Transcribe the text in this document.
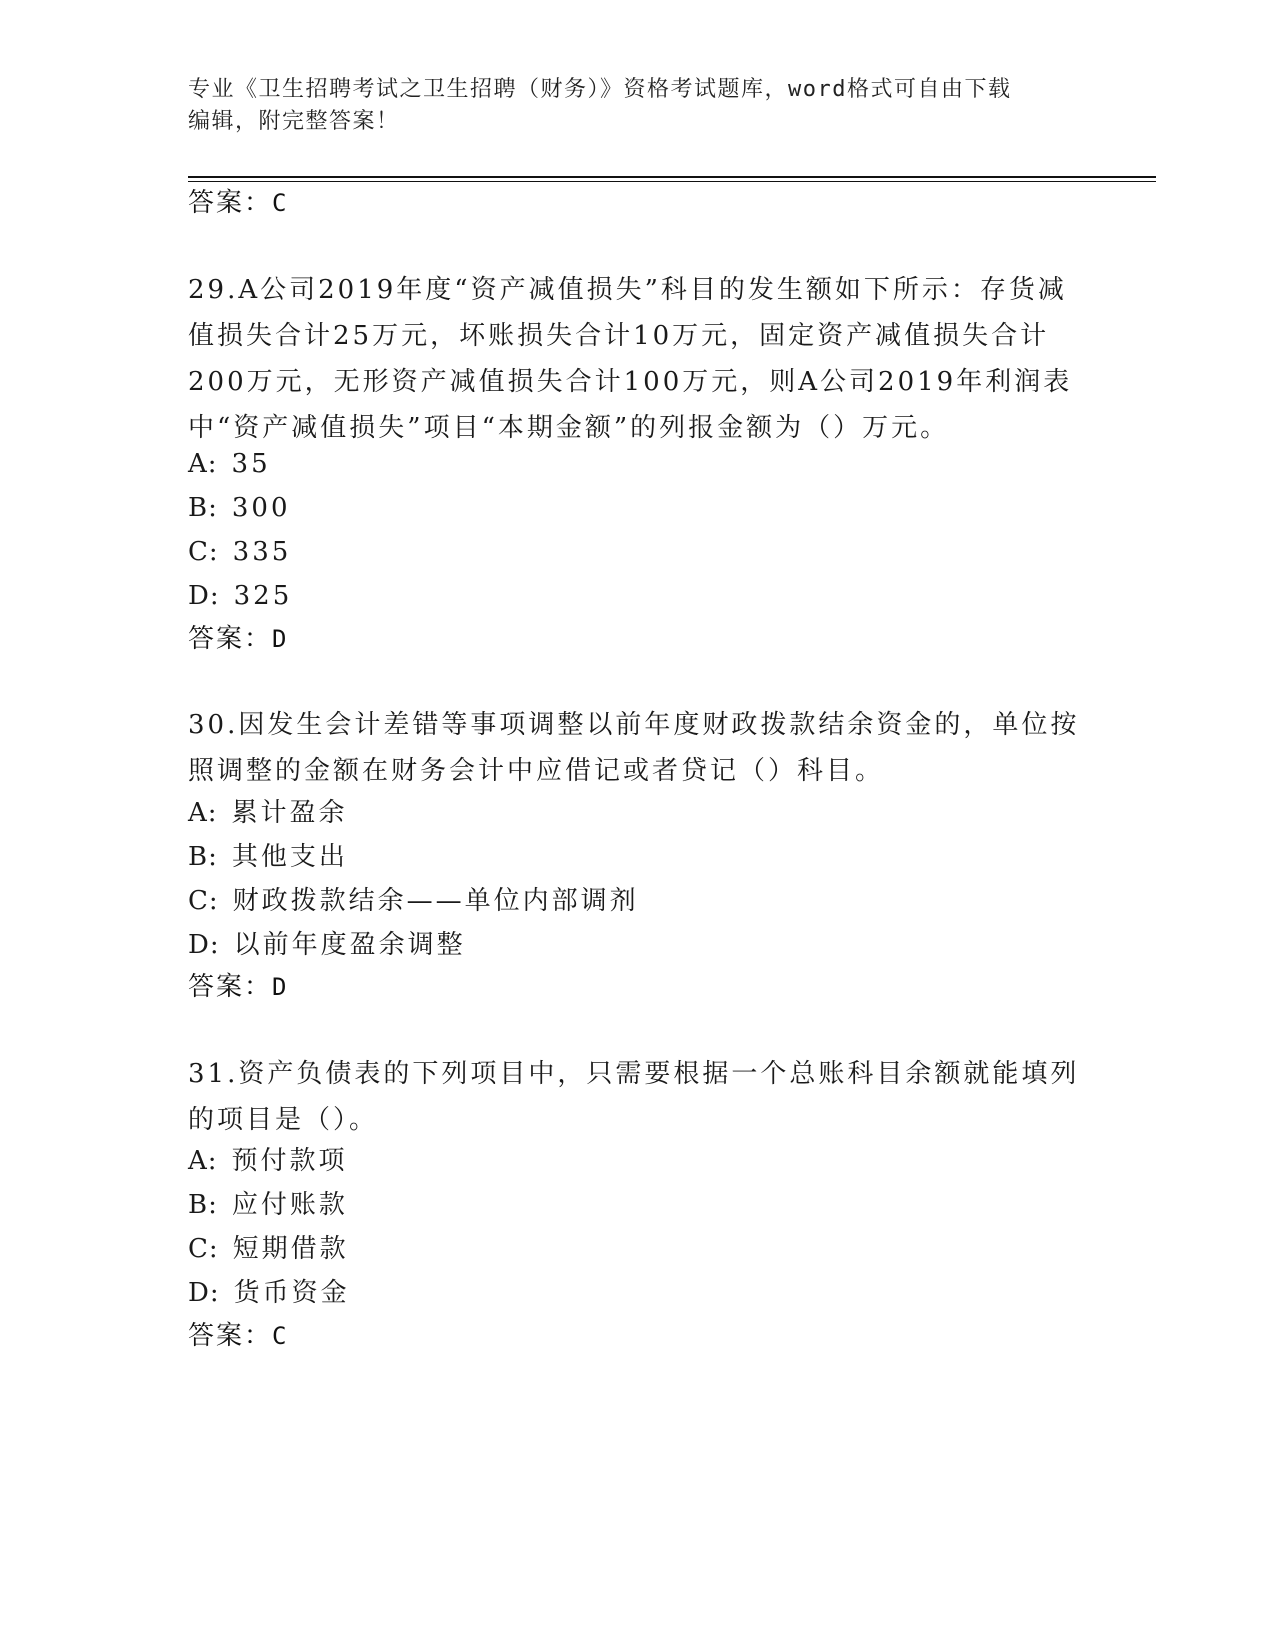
专业《卫生招聘考试之卫生招聘（财务）》资格考试题库，word格式可自由下载
编辑，附完整答案！
答案：C
29.A公司2019年度“资产减值损失”科目的发生额如下所示：存货减
值损失合计25万元，坏账损失合计10万元，固定资产减值损失合计
200万元，无形资产减值损失合计100万元，则A公司2019年利润表
中“资产减值损失”项目“本期金额”的列报金额为（）万元。
A: 35
B: 300
C: 335
D: 325
答案：D
30.因发生会计差错等事项调整以前年度财政拨款结余资金的，单位按
照调整的金额在财务会计中应借记或者贷记（）科目。
A: 累计盈余
B: 其他支出
C: 财政拨款结余——单位内部调剂
D: 以前年度盈余调整
答案：D
31.资产负债表的下列项目中，只需要根据一个总账科目余额就能填列
的项目是（）。
A: 预付款项
B: 应付账款
C: 短期借款
D: 货币资金
答案：C
